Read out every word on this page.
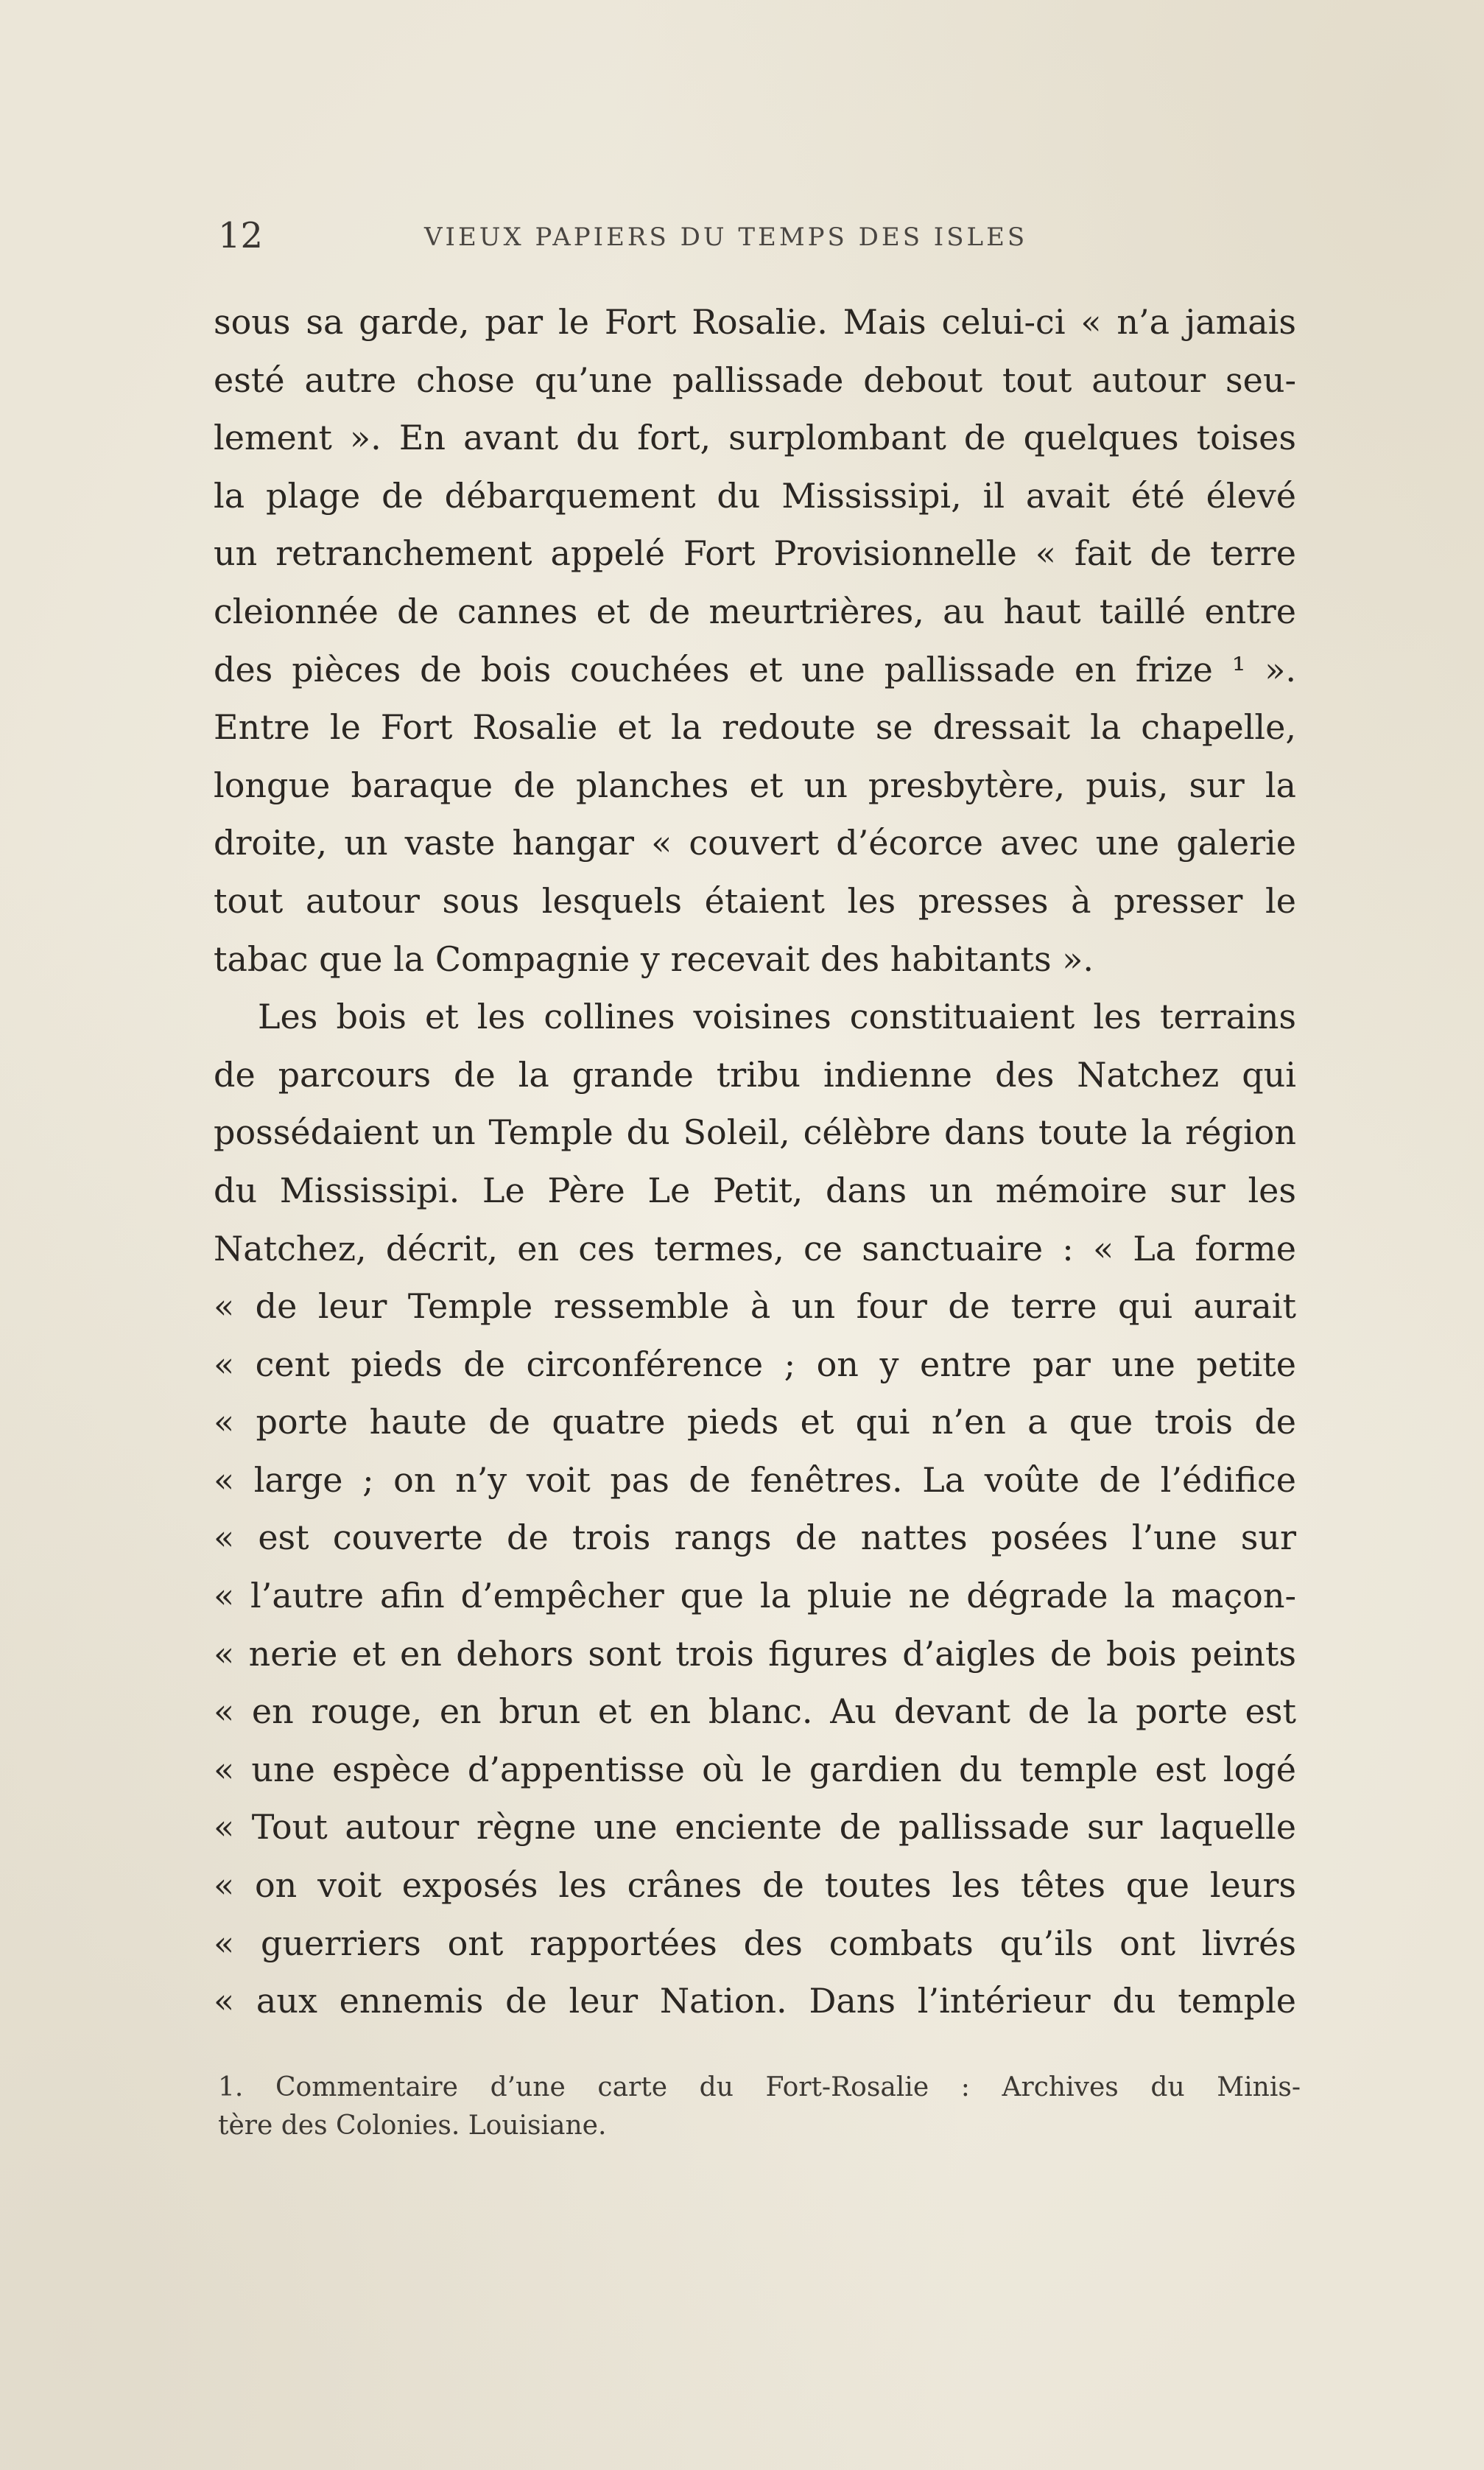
12	VIEUX PAPIERS DU TEMPS DES ISLES
sous sa garde, par le Fort Rosalie. Mais celui-ci « n’a jamais
esté autre chose qu’une pallissade debout tout autour seu-
lement ». En avant du fort, surplombant de quelques toises
la plage de débarquement du Mississipi, il avait été élevé
un retranchement appelé Fort Provisionnelle « fait de terre
cleionnée de cannes et de meurtrières, au haut taillé entre
des pièces de bois couchées et une pallissade en frize ¹ ».
Entre le Fort Rosalie et la redoute se dressait la chapelle,
longue baraque de planches et un presbytère, puis, sur la
droite, un vaste hangar « couvert d’écorce avec une galerie
tout autour sous lesquels étaient les presses à presser le
tabac que la Compagnie y recevait des habitants ».
Les bois et les collines voisines constituaient les terrains
de parcours de la grande tribu indienne des Natchez qui
possédaient un Temple du Soleil, célèbre dans toute la région
du Mississipi. Le Père Le Petit, dans un mémoire sur les
Natchez, décrit, en ces termes, ce sanctuaire : « La forme
« de leur Temple ressemble à un four de terre qui aurait
« cent pieds de circonférence ; on y entre par une petite
« porte haute de quatre pieds et qui n’en a que trois de
« large ; on n’y voit pas de fenêtres. La voûte de l’édifice
« est couverte de trois rangs de nattes posées l’une sur
« l’autre afin d’empêcher que la pluie ne dégrade la maçon-
« nerie et en dehors sont trois figures d’aigles de bois peints
« en rouge, en brun et en blanc. Au devant de la porte est
« une espèce d’appentisse où le gardien du temple est logé
« Tout autour règne une enciente de pallissade sur laquelle
« on voit exposés les crânes de toutes les têtes que leurs
« guerriers ont rapportées des combats qu’ils ont livrés
« aux ennemis de leur Nation. Dans l’intérieur du temple
1. Commentaire d’une carte du Fort-Rosalie : Archives du Minis-
tère des Colonies. Louisiane.
